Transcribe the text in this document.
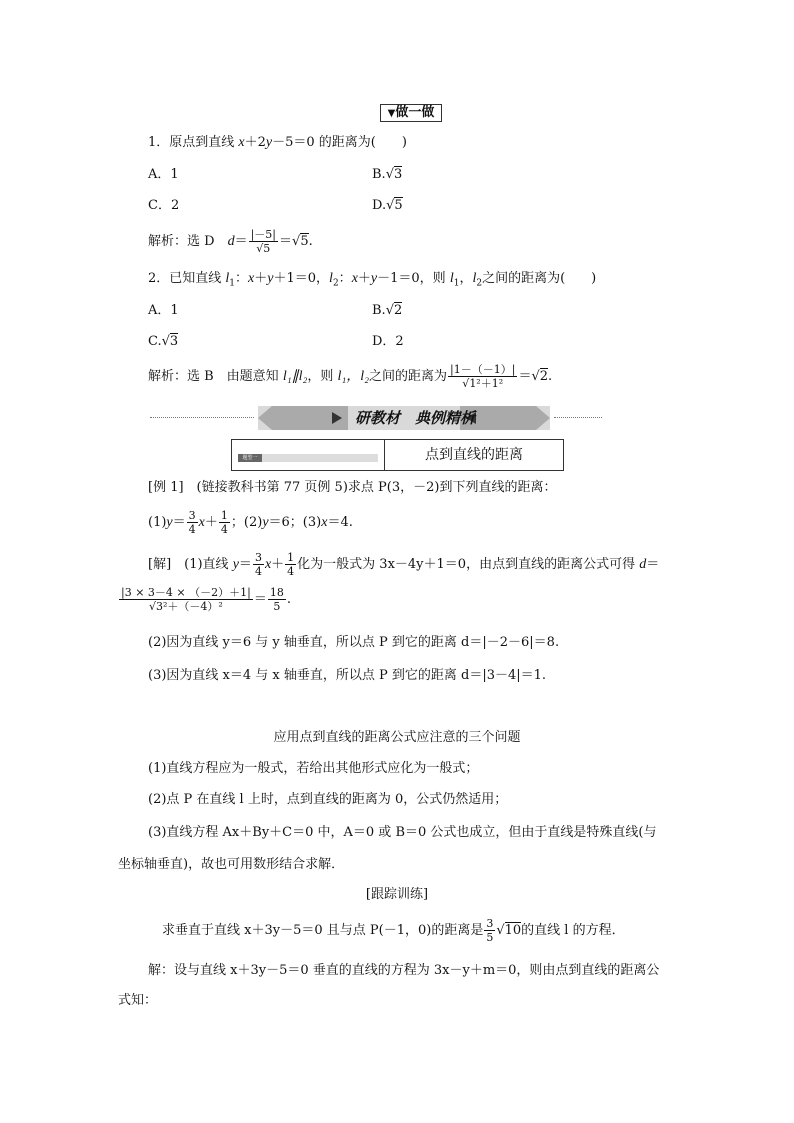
▼做一做
1．原点到直线 x＋2y－5＝0 的距离为(　　)
A．1	B.√3
C．2	D.√5
解析：选 D　$d= \frac{|-5|}{√5} =√5$.
2．已知直线 $l_1$：x＋y＋1＝0，$l_2$：x＋y－1＝0，则 $l_1$，$l_2$之间的距离为(　　)
A．1	B.√2
C.√3	D．2
解析：选 B　由题意知 l₁∥l₂，则 l₁，l₂之间的距离为 $\frac{|1-(-1)|}{\text{√1²＋1²}} =√2$.
研教材　典例精析
题型一	点到直线的距离
[例 1]　(链接教科书第 77 页例 5)求点 P(3，－2)到下列直线的距离：
$(1)y= \frac{3}{4} x+ \frac{1}{4}$ ；(2)y＝6；(3)x＝4.
[解]　(1)直线 $y= \frac{3}{4} x+ \frac{1}{4}$ 化为一般式为 3x－4y＋1＝0，由点到直线的距离公式可得 d＝
$\frac{|3 \times 3-4 \times (-2)+1|}{\text{√3²＋（－4）²}} = \frac{18}{5}$ .
(2)因为直线 y＝6 与 y 轴垂直，所以点 P 到它的距离 d＝|－2－6|＝8.
(3)因为直线 x＝4 与 x 轴垂直，所以点 P 到它的距离 d＝|3－4|＝1.
应用点到直线的距离公式应注意的三个问题
(1)直线方程应为一般式，若给出其他形式应化为一般式；
(2)点 P 在直线 l 上时，点到直线的距离为 0，公式仍然适用；
(3)直线方程 Ax＋By＋C＝0 中，A＝0 或 B＝0 公式也成立，但由于直线是特殊直线(与
坐标轴垂直)，故也可用数形结合求解．
[跟踪训练]
求垂直于直线 x＋3y－5＝0 且与点 P(－1，0)的距离是 $\frac{3}{5} √10$的直线 l 的方程．
解：设与直线 x＋3y－5＝0 垂直的直线的方程为 3x－y＋m＝0，则由点到直线的距离公
式知：
